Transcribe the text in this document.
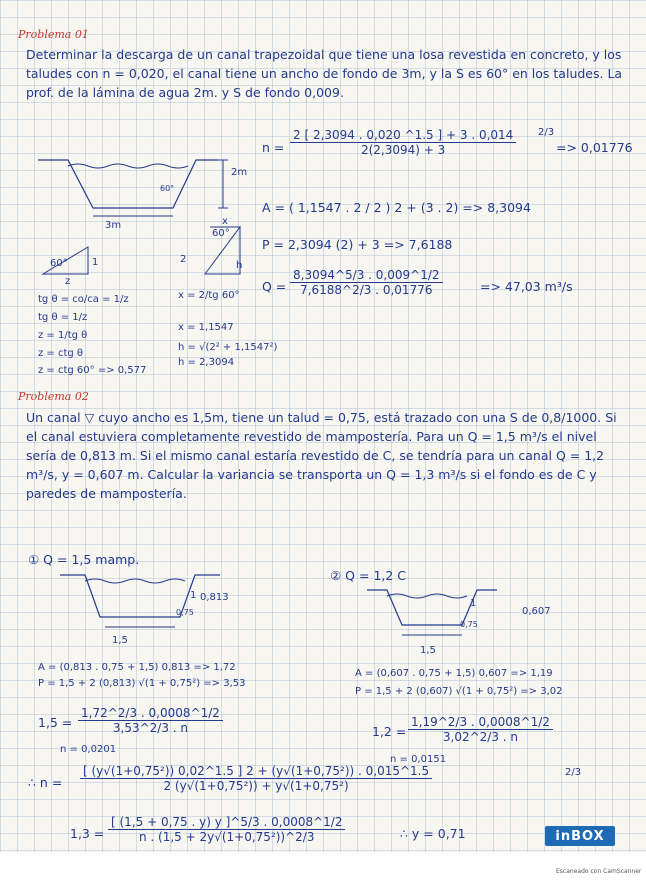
Problema 01
Determinar la descarga de un canal trapezoidal que tiene una losa revestida en concreto, y los taludes con n = 0,020, el canal tiene un ancho de fondo de 3m, y la S es 60° en los taludes. La prof. de la lámina de agua 2m. y S de fondo 0,009.
2m
3m
60°
60° 1
z
tg θ = co/ca = 1/z
tg θ = 1/z
z = 1/tg θ
z = ctg θ
z = ctg 60° => 0,577
60°
x
h
2
x = 2/tg 60°
x = 1,1547
h = √(2² + 1,1547²)
h = 2,3094
$n = \frac{2 [ 2,3094 . 0,020 \^{}1.5 ] + 3 . 0,014}{2(2,3094) + 3} 2/3$
=> 0,01776
A = ( 1,1547 . 2 / 2 ) 2 + (3 . 2) => 8,3094
P = 2,3094 (2) + 3 => 7,6188
$Q = \frac{8,3094\^{}5/3 . 0,009\^{}1/2}{7,6188\^{}2/3 . 0,01776}$	=> 47,03 m³/s
Problema 02
Un canal ▽ cuyo ancho es 1,5m, tiene un talud = 0,75, está trazado con una S de 0,8/1000. Si el canal estuviera completamente revestido de mampostería. Para un Q = 1,5 m³/s el nivel sería de 0,813 m. Si el mismo canal estaría revestido de C, se tendría para un canal Q = 1,2 m³/s, y = 0,607 m. Calcular la variancia se transporta un Q = 1,3 m³/s si el fondo es de C y paredes de mampostería.
① Q = 1,5 mamp.
0,813
0,75
1
1,5
② Q = 1,2 C
0,607
0,75
1
1,5
A = (0,813 . 0,75 + 1,5) 0,813 => 1,72
P = 1,5 + 2 (0,813) √(1 + 0,75²) => 3,53
A = (0,607 . 0,75 + 1,5) 0,607 => 1,19
P = 1,5 + 2 (0,607) √(1 + 0,75²) => 3,02
$1,5 = \frac{1,72\^{}2/3 . 0,0008\^{}1/2}{3,53\^{}2/3 . n}$
n = 0,0201
$1,2 = \frac{1,19\^{}2/3 . 0,0008\^{}1/2}{3,02\^{}2/3 . n}$
n = 0,0151
∴ $n = \frac{\text{[ (y√(1+0,75²)) 0,02\textasciicircum{}1.5 ] 2 + (y√(1+0,75²)) . 0,015\textasciicircum{}1.5}}{\text{2 (y√(1+0,75²)) + y√(1+0,75²)}}$	2/3
$1,3 = \frac{[ (1,5 + 0,75 . y) y ]\^{}5/3 . 0,0008\^{}1/2}{\text{n . (1,5 + 2y√(1+0,75²))\textasciicircum{}2/3}}$	∴ y = 0,71	inBOX
Escaneado con CamScanner
